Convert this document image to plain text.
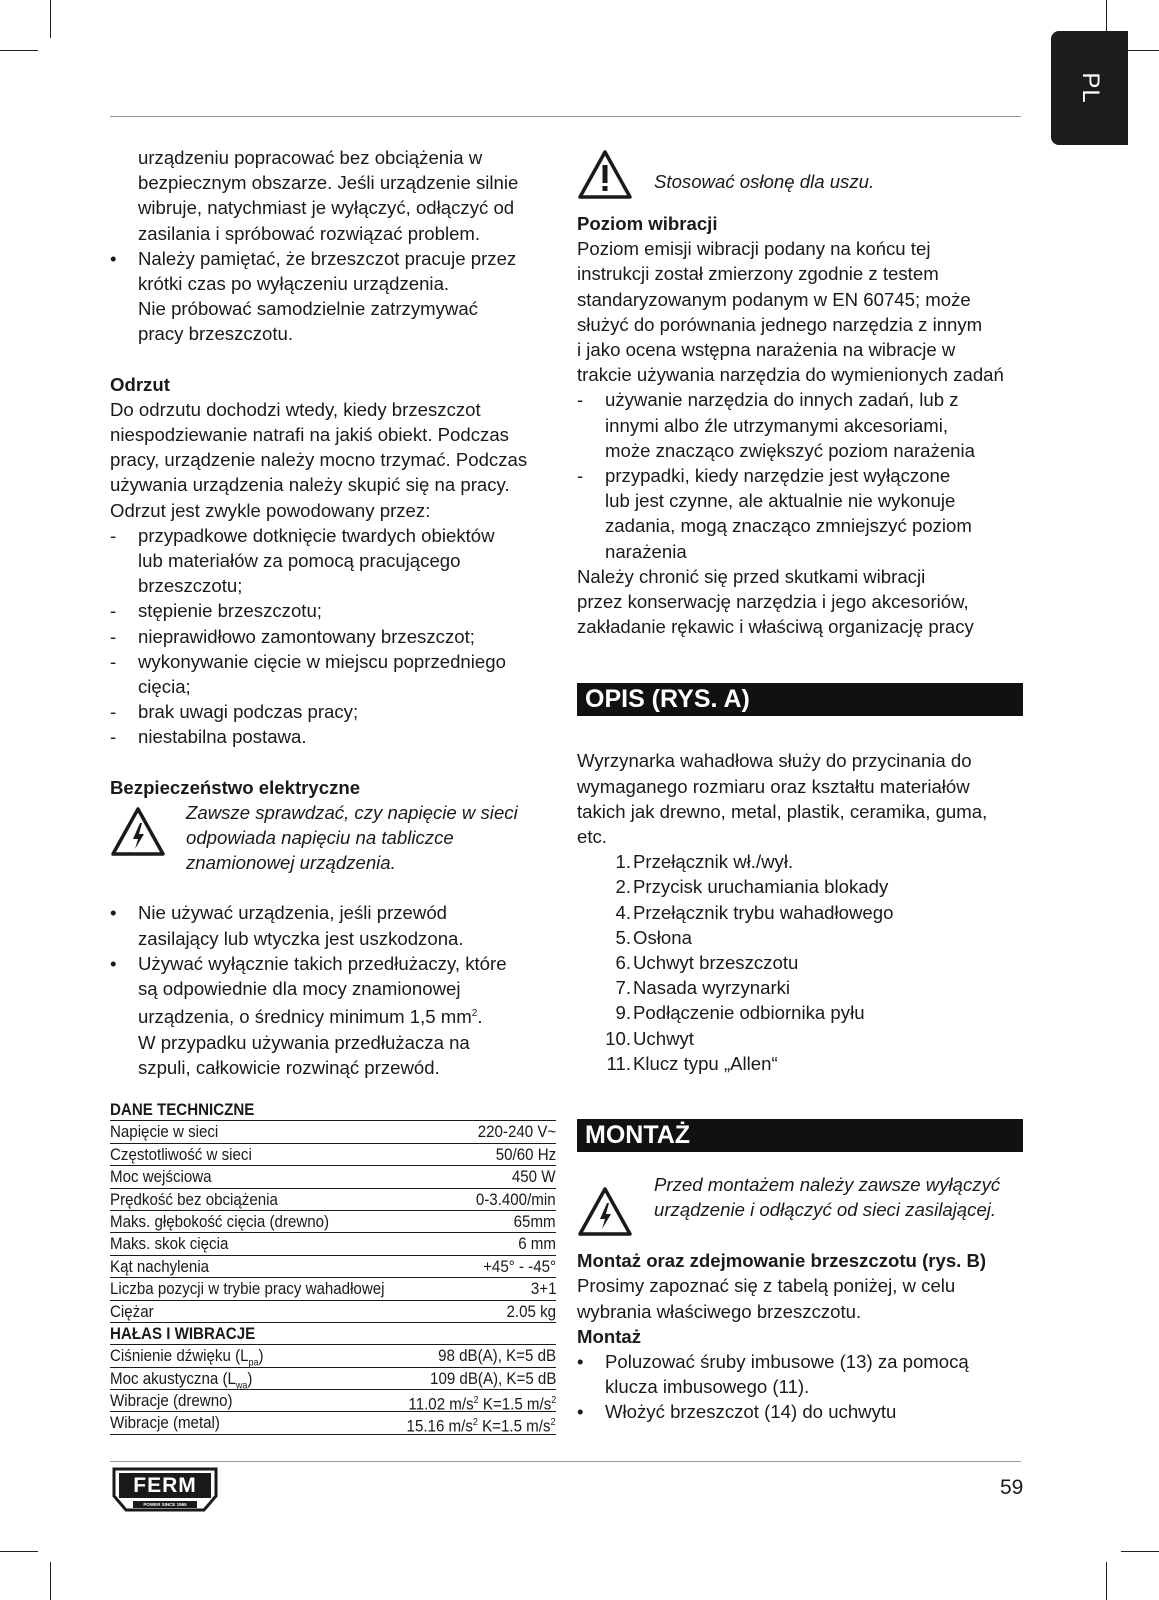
PL

urządzeniu popracować bez obciążenia w

bezpiecznym obszarze. Jeśli urządzenie silnie

wibruje, natychmiast je wyłączyć, odłączyć od

zasilania i spróbować rozwiązać problem.

• Należy pamiętać, że brzeszczot pracuje przez

krótki czas po wyłączeniu urządzenia.

Nie próbować samodzielnie zatrzymywać

pracy brzeszczotu.

Odrzut

Do odrzutu dochodzi wtedy, kiedy brzeszczot

niespodziewanie natrafi na jakiś obiekt. Podczas

pracy, urządzenie należy mocno trzymać. Podczas

używania urządzenia należy skupić się na pracy.

Odrzut jest zwykle powodowany przez:

- przypadkowe dotknięcie twardych obiektów

lub materiałów za pomocą pracującego

brzeszczotu;

- stępienie brzeszczotu;

- nieprawidłowo zamontowany brzeszczot;

- wykonywanie cięcie w miejscu poprzedniego

cięcia;

- brak uwagi podczas pracy;

- niestabilna postawa.

Bezpieczeństwo elektryczne

Zawsze sprawdzać, czy napięcie w sieci

odpowiada napięciu na tabliczce

znamionowej urządzenia.

• Nie używać urządzenia, jeśli przewód

zasilający lub wtyczka jest uszkodzona.

• Używać wyłącznie takich przedłużaczy, które

są odpowiednie dla mocy znamionowej

urządzenia, o średnicy minimum 1,5 $mm^2$.

W przypadku używania przedłużacza na

szpuli, całkowicie rozwinąć przewód.

DANE TECHNICZNE
Napięcie w sieci	220-240 V~
Częstotliwość w sieci	50/60 Hz
Moc wejściowa	450 W
Prędkość bez obciążenia	0-3.400/min
Maks. głębokość cięcia (drewno)	65mm
Maks. skok cięcia	6 mm
Kąt nachylenia	+45° - -45°
Liczba pozycji w trybie pracy wahadłowej	3+1
Ciężar	2.05 kg
HAŁAS I WIBRACJE
Ciśnienie dźwięku $(L_{pa})$	98 dB(A), K=5 dB
Moc akustyczna $(L_{wa})$	109 dB(A), K=5 dB
Wibracje (drewno)	11.02 $m/s^2$ K=1.5 $m/s^2$
Wibracje (metal)	15.16 $m/s^2$ K=1.5 $m/s^2$

Stosować osłonę dla uszu.

Poziom wibracji

Poziom emisji wibracji podany na końcu tej

instrukcji został zmierzony zgodnie z testem

standaryzowanym podanym w EN 60745; może

służyć do porównania jednego narzędzia z innym

i jako ocena wstępna narażenia na wibracje w

trakcie używania narzędzia do wymienionych zadań

- używanie narzędzia do innych zadań, lub z

innymi albo źle utrzymanymi akcesoriami,

może znacząco zwiększyć poziom narażenia

- przypadki, kiedy narzędzie jest wyłączone

lub jest czynne, ale aktualnie nie wykonuje

zadania, mogą znacząco zmniejszyć poziom

narażenia

Należy chronić się przed skutkami wibracji

przez konserwację narzędzia i jego akcesoriów,

zakładanie rękawic i właściwą organizację pracy

OPIS (RYS. A)

Wyrzynarka wahadłowa służy do przycinania do

wymaganego rozmiaru oraz kształtu materiałów

takich jak drewno, metal, plastik, ceramika, guma,

etc.

1. Przełącznik wł./wył.

2. Przycisk uruchamiania blokady

4. Przełącznik trybu wahadłowego

5. Osłona

6. Uchwyt brzeszczotu

7. Nasada wyrzynarki

9. Podłączenie odbiornika pyłu

10. Uchwyt

11. Klucz typu „Allen“

MONTAŻ

Przed montażem należy zawsze wyłączyć

urządzenie i odłączyć od sieci zasilającej.

Montaż oraz zdejmowanie brzeszczotu (rys. B)

Prosimy zapoznać się z tabelą poniżej, w celu

wybrania właściwego brzeszczotu.

Montaż

• Poluzować śruby imbusowe (13) za pomocą

klucza imbusowego (11).

• Włożyć brzeszczot (14) do uchwytu

FERM
POWER SINCE 1965
59
